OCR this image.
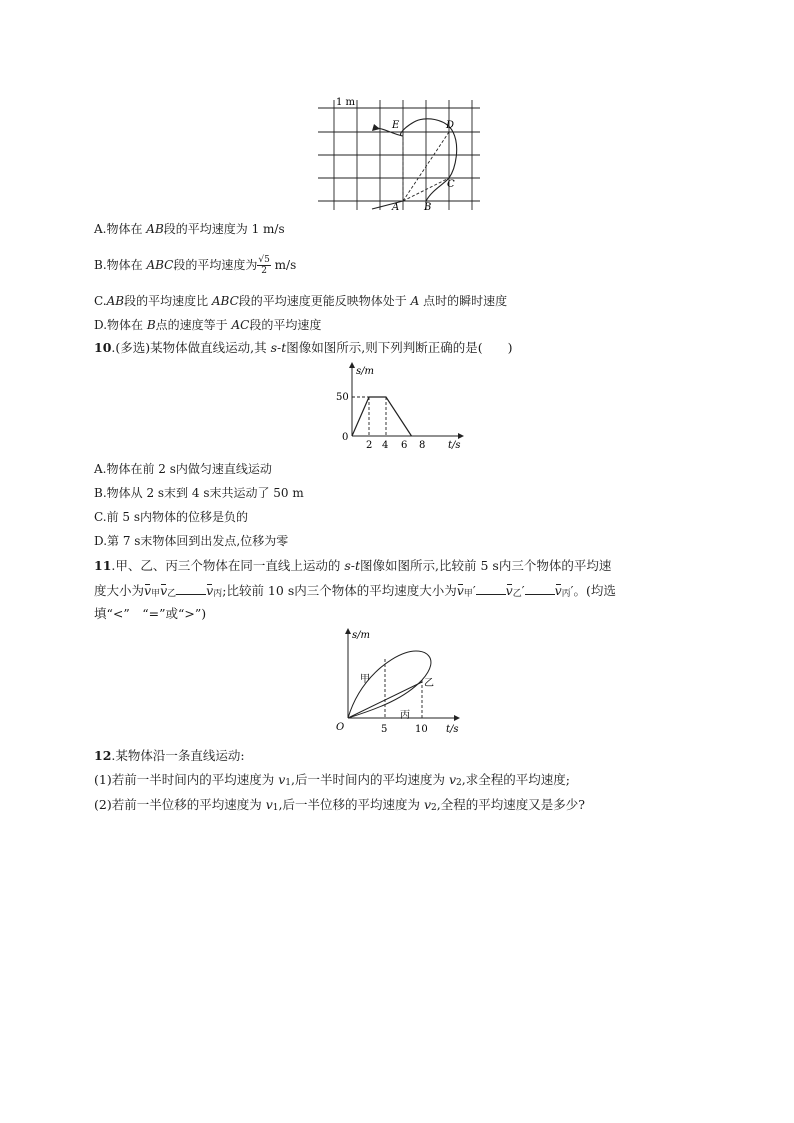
1 m
E	D
C
A B
A.物体在 AB段的平均速度为 1 m/s
B.物体在 ABC段的平均速度为 $\frac{√5}{2} m/s$
C.AB段的平均速度比 ABC段的平均速度更能反映物体处于 A 点时的瞬时速度
D.物体在 B点的速度等于 AC段的平均速度
10.(多选)某物体做直线运动,其 s-t图像如图所示,则下列判断正确的是(　　)
s/m
t/s
50
0
2 4 6 8
A.物体在前 2 s内做匀速直线运动
B.物体从 2 s末到 4 s末共运动了 50 m
C.前 5 s内物体的位移是负的
D.第 7 s末物体回到出发点,位移为零
11.甲、乙、丙三个物体在同一直线上运动的 s-t图像如图所示,比较前 5 s内三个物体的平均速
度大小为v甲v乙 v丙;比较前 10 s内三个物体的平均速度大小为v甲′ v乙′ v丙′。(均选
填“<”　“=”或“>”)
s/m
t/s
O	5	10
甲	乙
丙
12.某物体沿一条直线运动:
(1)若前一半时间内的平均速度为 v1,后一半时间内的平均速度为 v2,求全程的平均速度;
(2)若前一半位移的平均速度为 v1,后一半位移的平均速度为 v2,全程的平均速度又是多少?
